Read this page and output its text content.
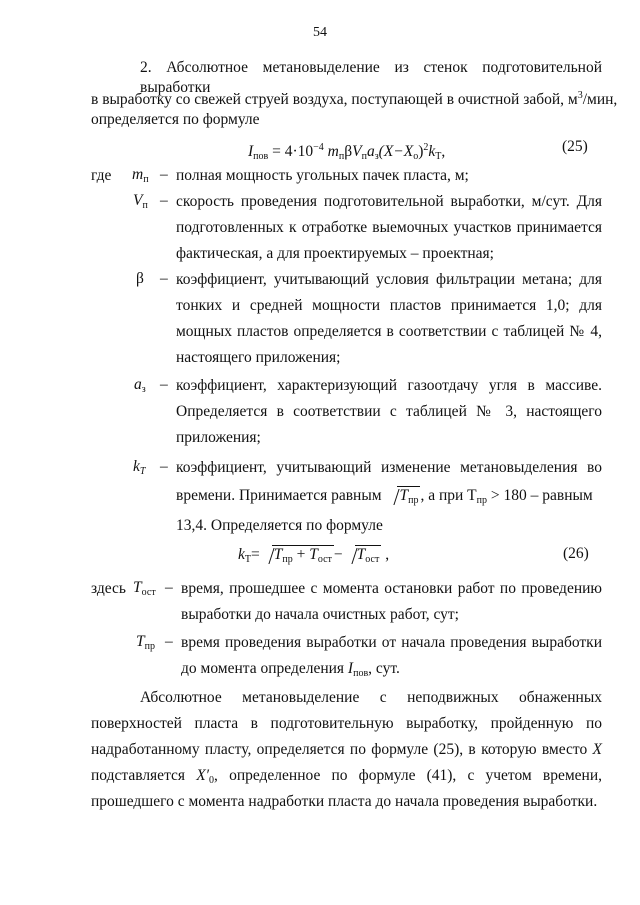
54
2. Абсолютное метановыделение из стенок подготовительной выработки
в выработку со свежей струей воздуха, поступающей в очистной забой, $м^3$/мин,
определяется по формуле
$I_{пов} = 4\cdot 10^{-4}$ $m_п\beta V_пa_з(X-X_о)^2k_T$,	(25)
где $m_п$ – полная мощность угольных пачек пласта, м;
$V_п$ – скорость проведения подготовительной выработки, м/сут. Для
подготовленных к отработке выемочных участков принимается
фактическая, а для проектируемых – проектная;
β – коэффициент, учитывающий условия фильтрации метана; для
тонких и средней мощности пластов принимается 1,0; для
мощных пластов определяется в соответствии с таблицей № 4,
настоящего приложения;
$a_з$ – коэффициент, характеризующий газоотдачу угля в массиве.
Определяется в соответствии с таблицей № 3, настоящего
приложения;
$k_T$ – коэффициент, учитывающий изменение метановыделения во
времени. Принимается равным $T_{пр}$ , а при $T_{пр} > 180$ – равным
13,4. Определяется по формуле
$k_T= T_{пр} + T_{ост} - T_{ост}$ ,	(26)
здесь $T_{ост}$ – время, прошедшее с момента остановки работ по проведению
выработки до начала очистных работ, сут;
$T_{пр}$ – время проведения выработки от начала проведения выработки
до момента определения $I_{пов}$, сут.
Абсолютное метановыделение с неподвижных обнаженных
поверхностей пласта в подготовительную выработку, пройденную по
надработанному пласту, определяется по формуле (25), в которую вместо X
подставляется $X'_0$, определенное по формуле (41), с учетом времени,
прошедшего с момента надработки пласта до начала проведения выработки.
